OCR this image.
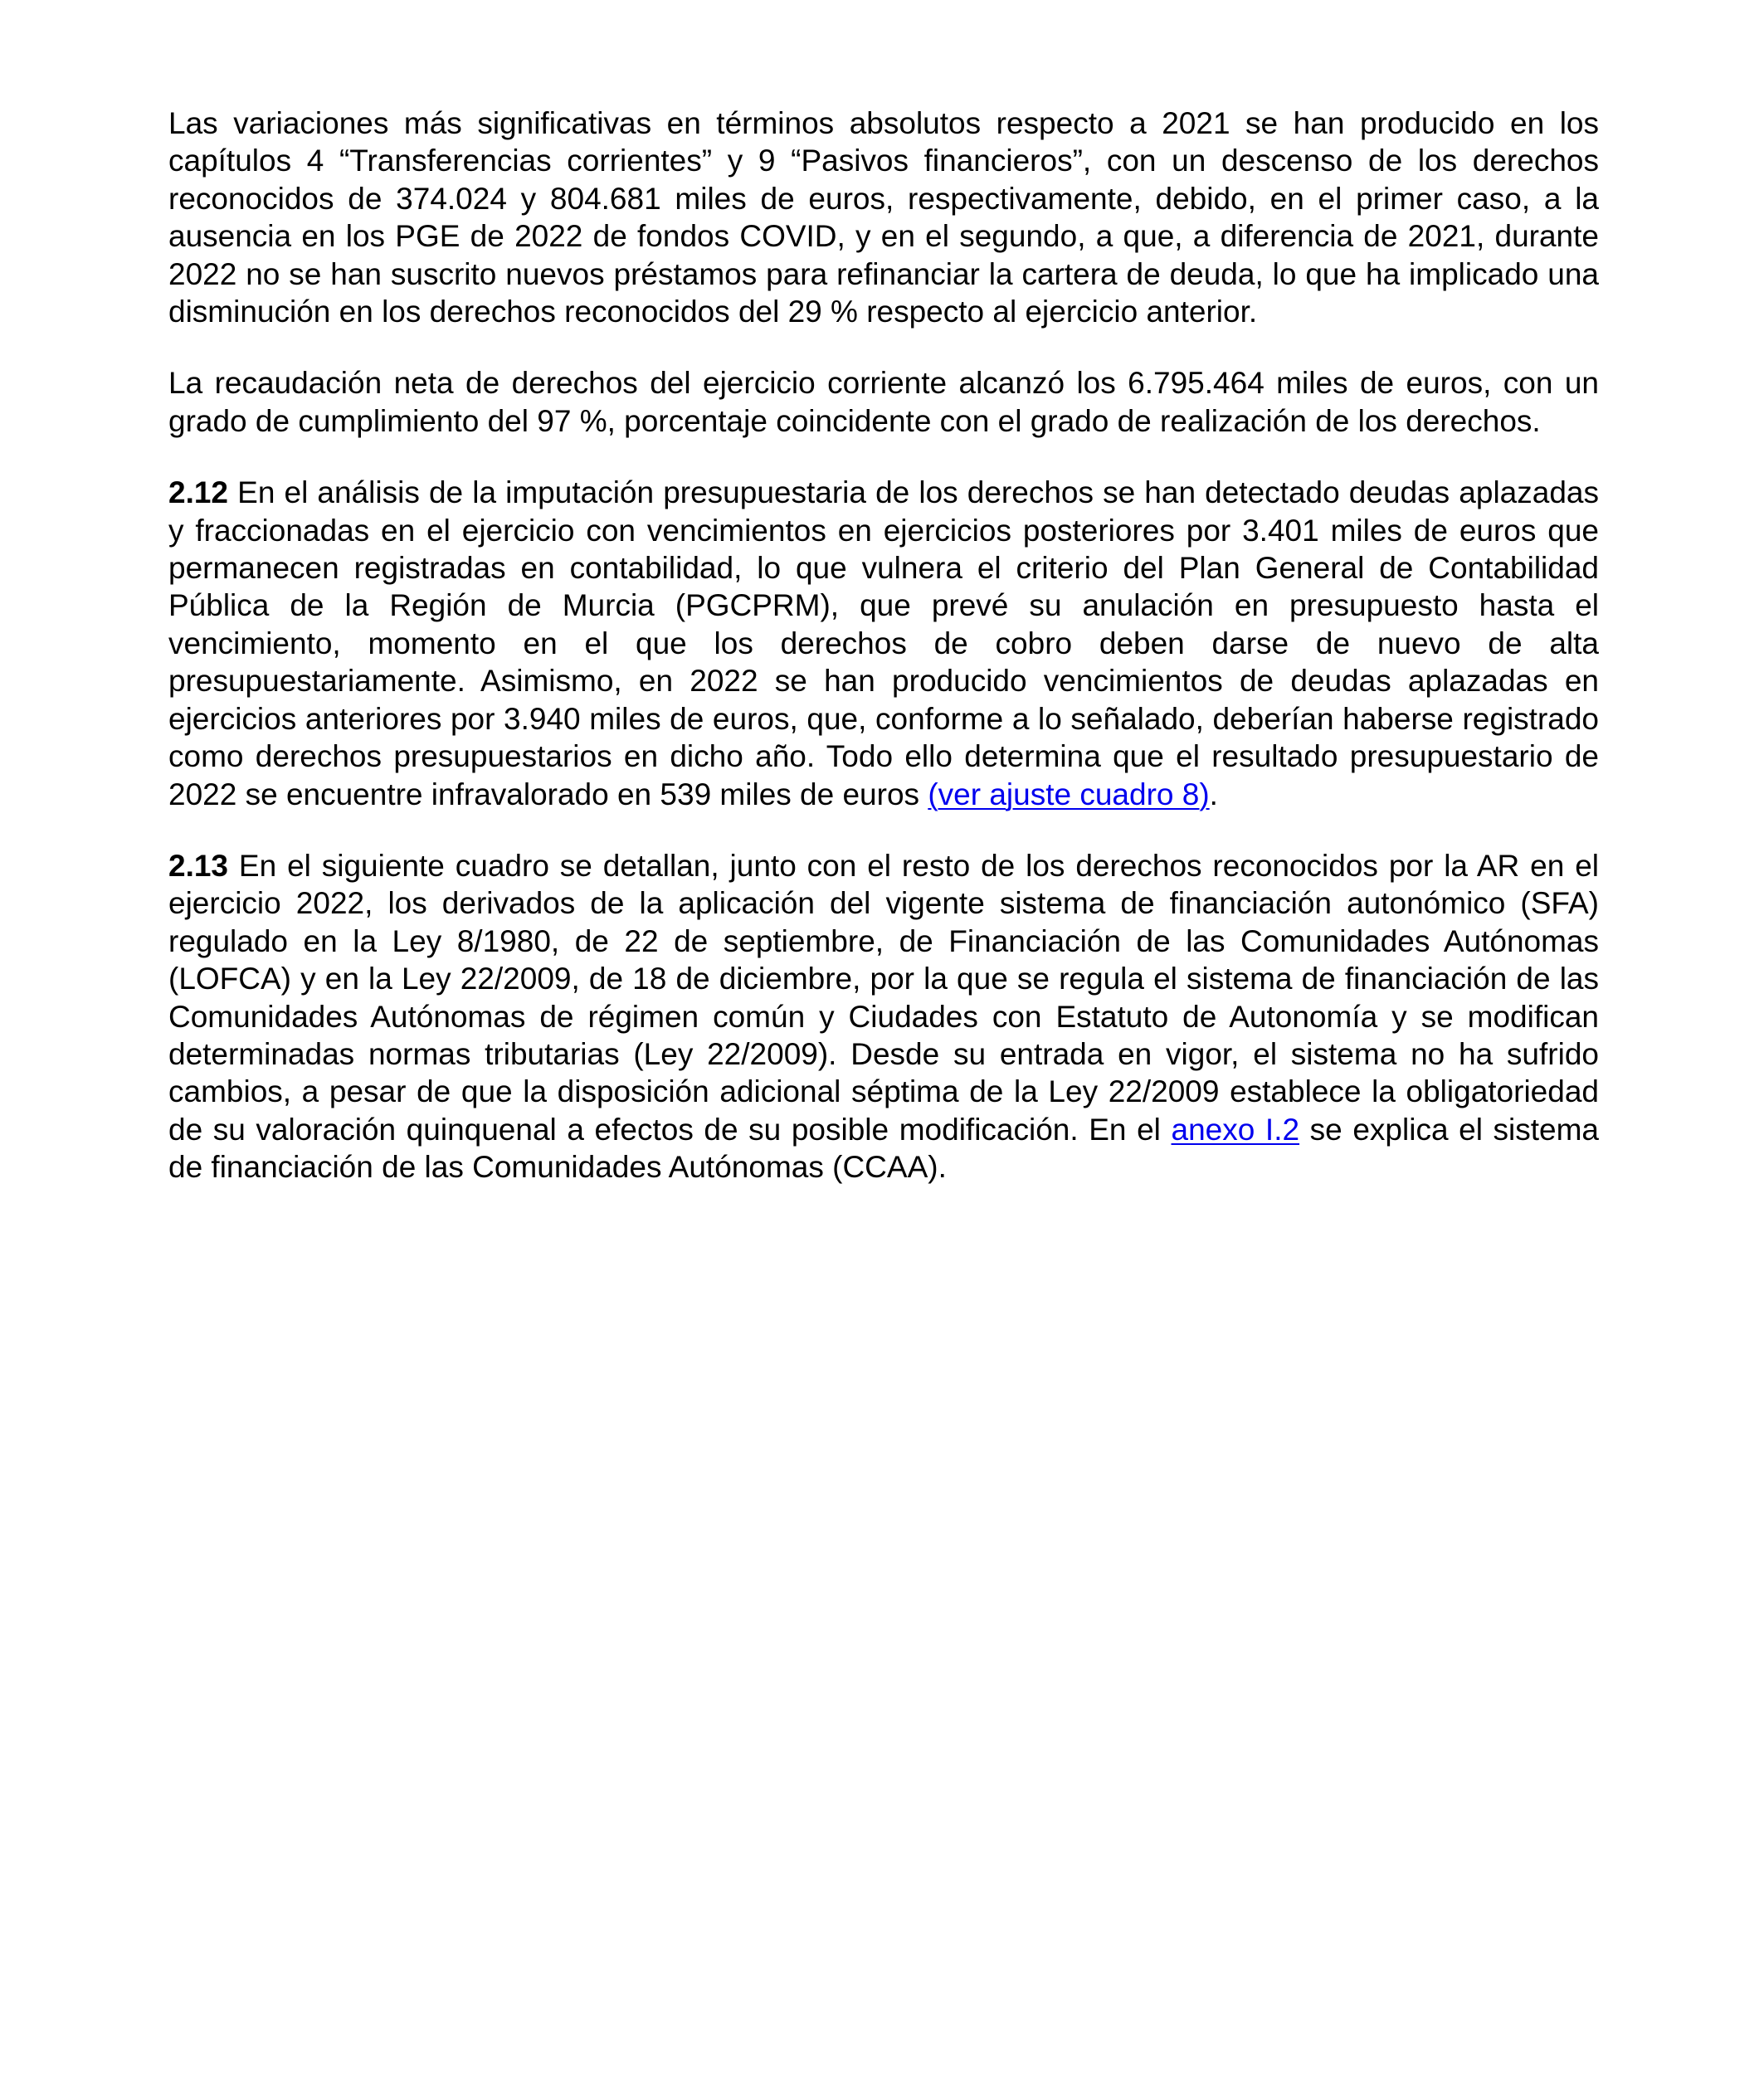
Las variaciones más significativas en términos absolutos respecto a 2021 se han producido en los capítulos 4 “Transferencias corrientes” y 9 “Pasivos financieros”, con un descenso de los derechos reconocidos de 374.024 y 804.681 miles de euros, respectivamente, debido, en el primer caso, a la ausencia en los PGE de 2022 de fondos COVID, y en el segundo, a que, a diferencia de 2021, durante 2022 no se han suscrito nuevos préstamos para refinanciar la cartera de deuda, lo que ha implicado una disminución en los derechos reconocidos del 29 % respecto al ejercicio anterior.

La recaudación neta de derechos del ejercicio corriente alcanzó los 6.795.464 miles de euros, con un grado de cumplimiento del 97 %, porcentaje coincidente con el grado de realización de los derechos.

2.12 En el análisis de la imputación presupuestaria de los derechos se han detectado deudas aplazadas y fraccionadas en el ejercicio con vencimientos en ejercicios posteriores por 3.401 miles de euros que permanecen registradas en contabilidad, lo que vulnera el criterio del Plan General de Contabilidad Pública de la Región de Murcia (PGCPRM), que prevé su anulación en presupuesto hasta el vencimiento, momento en el que los derechos de cobro deben darse de nuevo de alta presupuestariamente. Asimismo, en 2022 se han producido vencimientos de deudas aplazadas en ejercicios anteriores por 3.940 miles de euros, que, conforme a lo señalado, deberían haberse registrado como derechos presupuestarios en dicho año. Todo ello determina que el resultado presupuestario de 2022 se encuentre infravalorado en 539 miles de euros (ver ajuste cuadro 8).

2.13 En el siguiente cuadro se detallan, junto con el resto de los derechos reconocidos por la AR en el ejercicio 2022, los derivados de la aplicación del vigente sistema de financiación autonómico (SFA) regulado en la Ley 8/1980, de 22 de septiembre, de Financiación de las Comunidades Autónomas (LOFCA) y en la Ley 22/2009, de 18 de diciembre, por la que se regula el sistema de financiación de las Comunidades Autónomas de régimen común y Ciudades con Estatuto de Autonomía y se modifican determinadas normas tributarias (Ley 22/2009). Desde su entrada en vigor, el sistema no ha sufrido cambios, a pesar de que la disposición adicional séptima de la Ley 22/2009 establece la obligatoriedad de su valoración quinquenal a efectos de su posible modificación. En el anexo I.2 se explica el sistema de financiación de las Comunidades Autónomas (CCAA).
